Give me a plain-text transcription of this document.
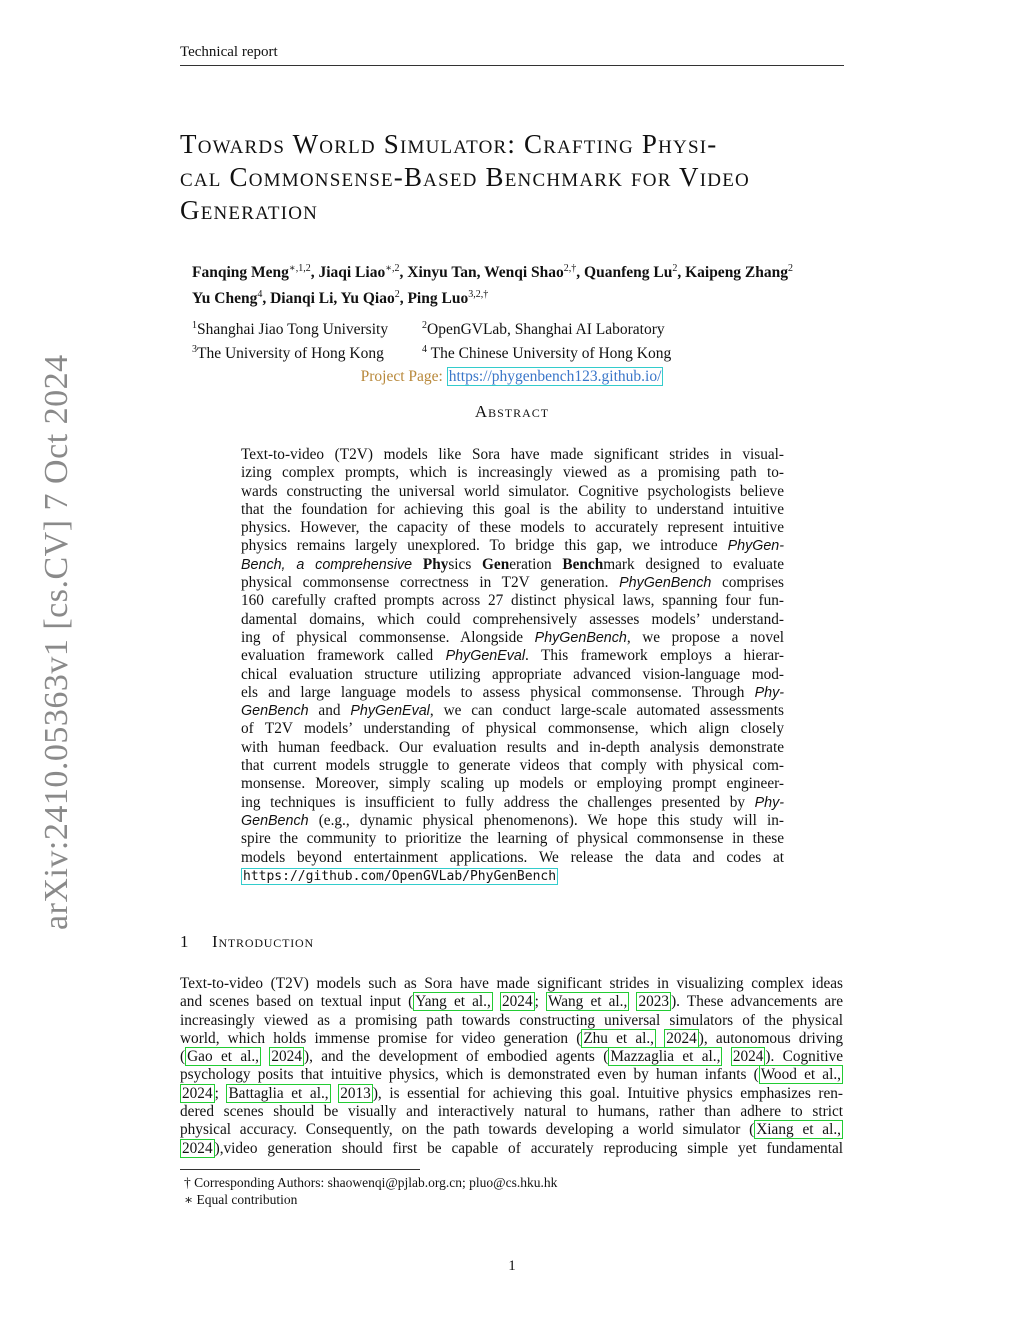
Technical report
arXiv:2410.05363v1 [cs.CV] 7 Oct 2024
Towards World Simulator: Crafting Physi-
cal Commonsense-Based Benchmark for Video
Generation
Fanqing Meng$^{∗,1,2}$, Jiaqi Liao$^{∗,2}$, Xinyu Tan, Wenqi Shao$^{2,\dagger}$, Quanfeng Lu$^2$, Kaipeng Zhang$^2$
Yu Cheng$^4$, Dianqi Li, Yu Qiao$^2$, Ping Luo$^{3,2,\dagger}$
$^1$Shanghai Jiao Tong University	$^2$OpenGVLab, Shanghai AI Laboratory
$^3$The University of Hong Kong	$^4$ The Chinese University of Hong Kong
Project Page: https://phygenbench123.github.io/
Abstract
Text-to-video (T2V) models like Sora have made significant strides in visual-
izing complex prompts, which is increasingly viewed as a promising path to-
wards constructing the universal world simulator. Cognitive psychologists believe
that the foundation for achieving this goal is the ability to understand intuitive
physics. However, the capacity of these models to accurately represent intuitive
physics remains largely unexplored. To bridge this gap, we introduce PhyGen-
Bench, a comprehensive Physics Generation Benchmark designed to evaluate
physical commonsense correctness in T2V generation. PhyGenBench comprises
160 carefully crafted prompts across 27 distinct physical laws, spanning four fun-
damental domains, which could comprehensively assesses models’ understand-
ing of physical commonsense. Alongside PhyGenBench, we propose a novel
evaluation framework called PhyGenEval. This framework employs a hierar-
chical evaluation structure utilizing appropriate advanced vision-language mod-
els and large language models to assess physical commonsense. Through Phy-
GenBench and PhyGenEval, we can conduct large-scale automated assessments
of T2V models’ understanding of physical commonsense, which align closely
with human feedback. Our evaluation results and in-depth analysis demonstrate
that current models struggle to generate videos that comply with physical com-
monsense. Moreover, simply scaling up models or employing prompt engineer-
ing techniques is insufficient to fully address the challenges presented by Phy-
GenBench (e.g., dynamic physical phenomenons). We hope this study will in-
spire the community to prioritize the learning of physical commonsense in these
models beyond entertainment applications. We release the data and codes at
https://github.com/OpenGVLab/PhyGenBench
1 Introduction
Text-to-video (T2V) models such as Sora have made significant strides in visualizing complex ideas
and scenes based on textual input ( Yang et al., 2024 ; Wang et al., 2023 ). These advancements are
increasingly viewed as a promising path towards constructing universal simulators of the physical
world, which holds immense promise for video generation ( Zhu et al., 2024 ), autonomous driving
( Gao et al., 2024 ), and the development of embodied agents ( Mazzaglia et al., 2024 ). Cognitive
psychology posits that intuitive physics, which is demonstrated even by human infants ( Wood et al.,
2024 ; Battaglia et al., 2013 ), is essential for achieving this goal. Intuitive physics emphasizes ren-
dered scenes should be visually and interactively natural to humans, rather than adhere to strict
physical accuracy. Consequently, on the path towards developing a world simulator ( Xiang et al.,
2024 ),video generation should first be capable of accurately reproducing simple yet fundamental
† Corresponding Authors: shaowenqi@pjlab.org.cn; pluo@cs.hku.hk
∗ Equal contribution
1
